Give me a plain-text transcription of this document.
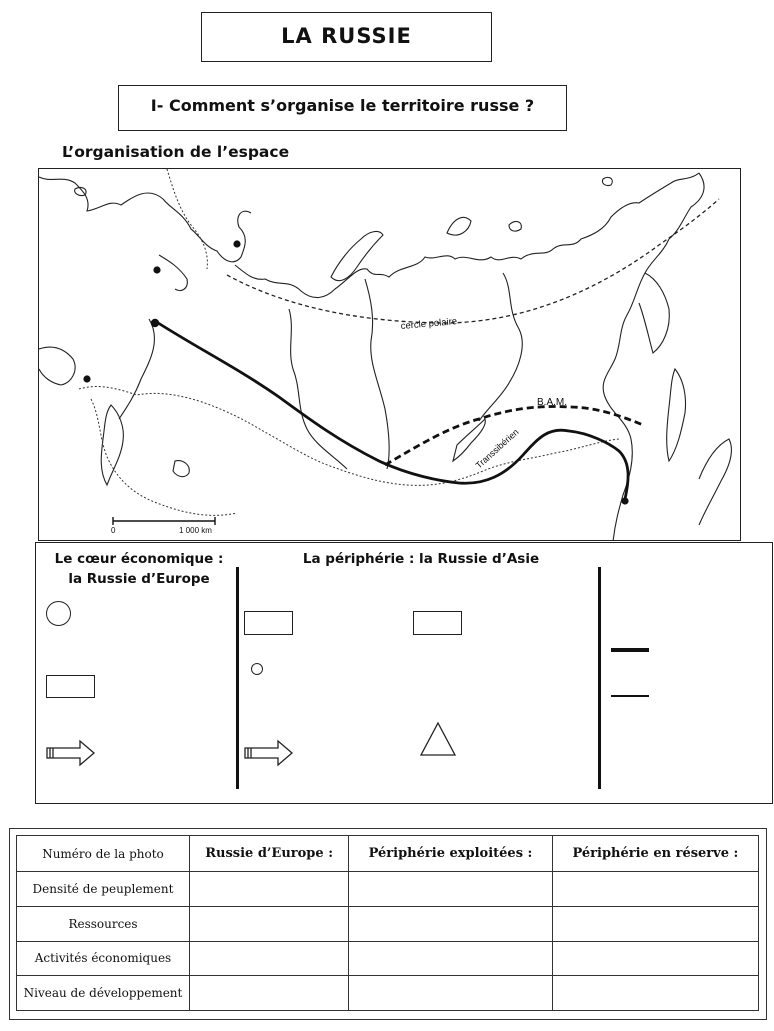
LA RUSSIE
I- Comment s’organise le territoire russe ?
L’organisation de l’espace
cercle polaire
B.A.M.
Transsibérien
0	1 000 km
Le cœur économique :
la Russie d’Europe
La périphérie : la Russie d’Asie
Numéro de la photo	Russie d’Europe :	Périphérie exploitées :	Périphérie en réserve :
Densité de peuplement			
Ressources			
Activités économiques			
Niveau de développement			
